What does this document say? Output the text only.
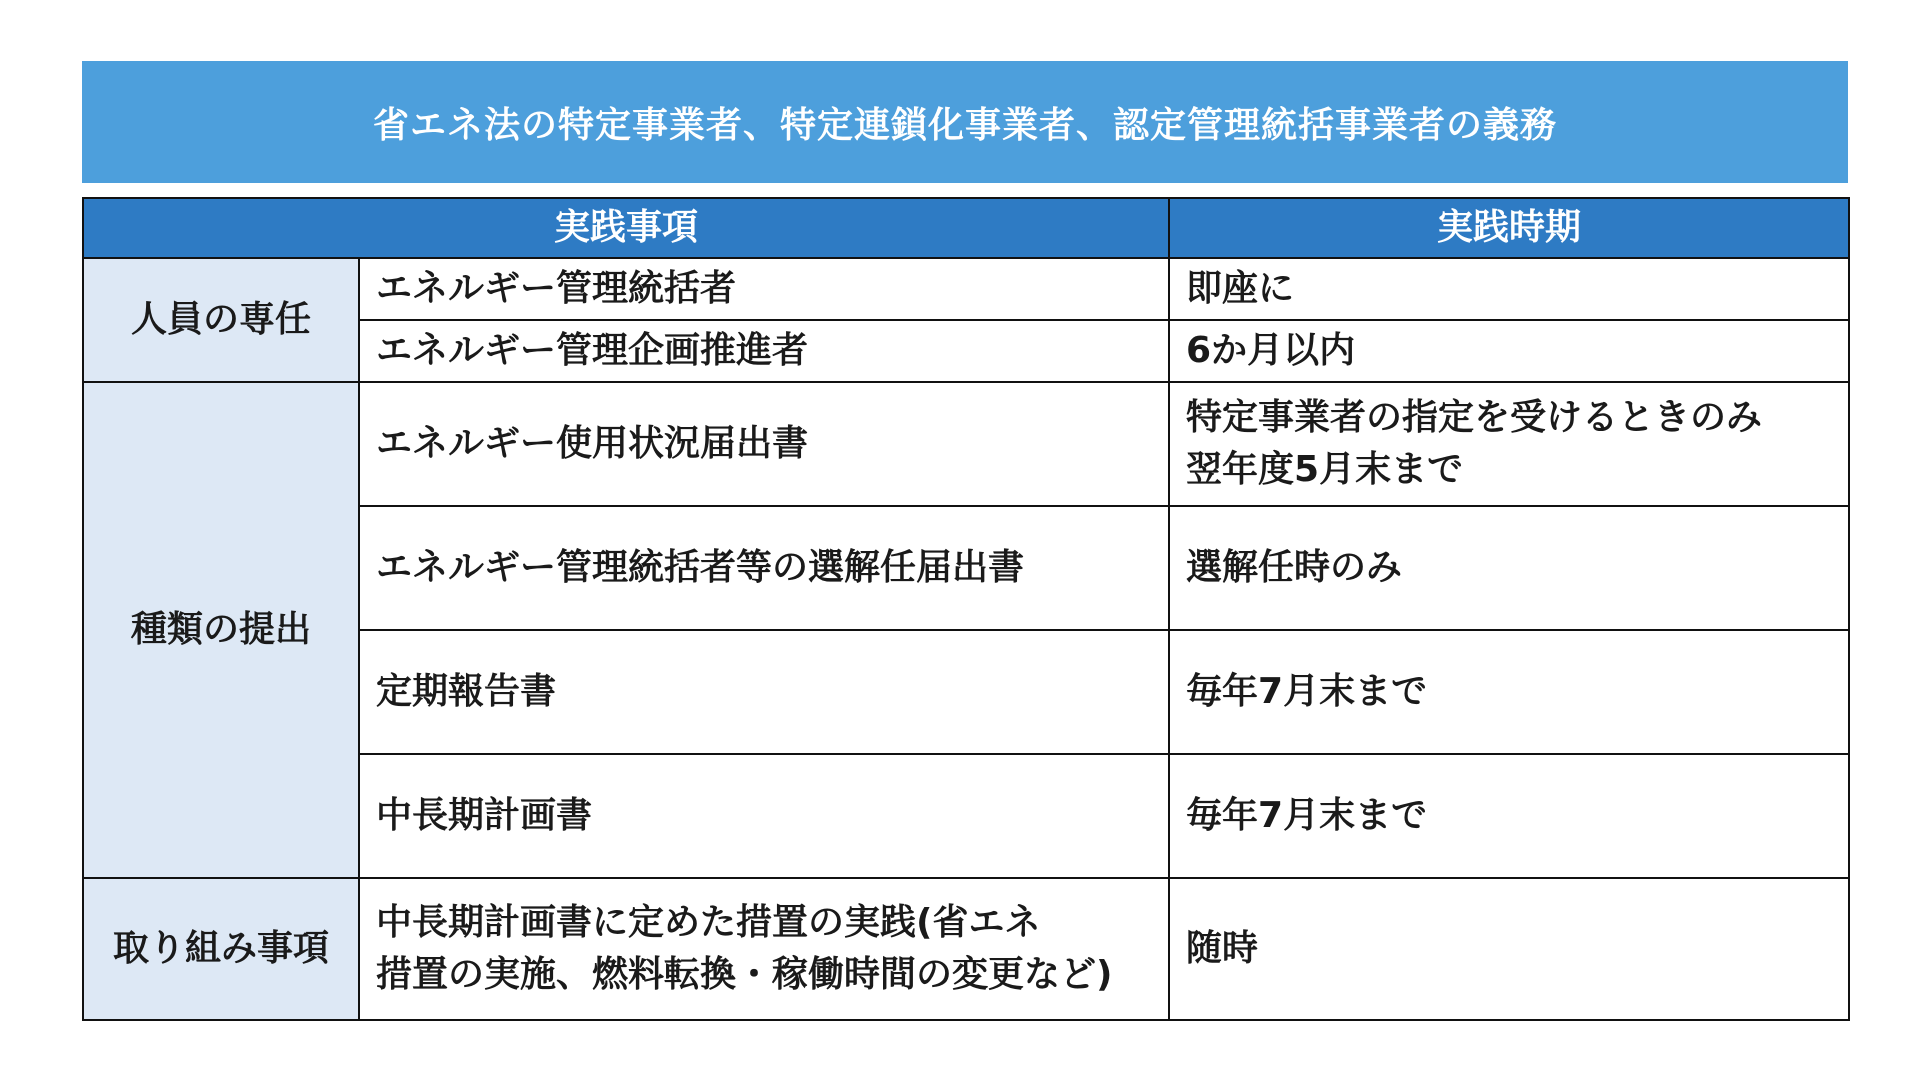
省エネ法の特定事業者、特定連鎖化事業者、認定管理統括事業者の義務
実践事項		実践時期
人員の専任	エネルギー管理統括者	即座に
	エネルギー管理企画推進者	6か月以内
種類の提出	エネルギー使用状況届出書	特定事業者の指定を受けるときのみ
翌年度5月末まで
	エネルギー管理統括者等の選解任届出書	選解任時のみ
	定期報告書	毎年7月末まで
	中長期計画書	毎年7月末まで
取り組み事項	中長期計画書に定めた措置の実践(省エネ
措置の実施、燃料転換・稼働時間の変更など)	随時
